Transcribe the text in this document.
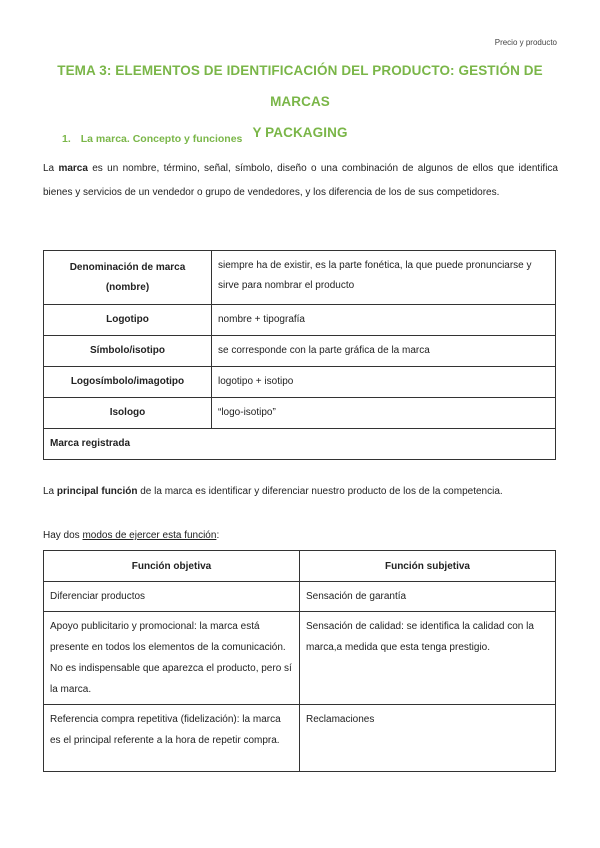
Precio y producto
TEMA 3: ELEMENTOS DE IDENTIFICACIÓN DEL PRODUCTO: GESTIÓN DE MARCAS
Y PACKAGING
1. La marca. Concepto y funciones
La marca es un nombre, término, señal, símbolo, diseño o una combinación de algunos de ellos que identifica bienes y servicios de un vendedor o grupo de vendedores, y los diferencia de los de sus competidores.
Denominación de marca (nombre)	siempre ha de existir, es la parte fonética, la que puede pronunciarse y sirve para nombrar el producto
Logotipo	nombre + tipografía
Símbolo/isotipo	se corresponde con la parte gráfica de la marca
Logosímbolo/imagotipo	logotipo + isotipo
Isologo	“logo-isotipo”
Marca registrada	
La principal función de la marca es identificar y diferenciar nuestro producto de los de la competencia.
Hay dos modos de ejercer esta función:
Función objetiva	Función subjetiva
Diferenciar productos	Sensación de garantía
Apoyo publicitario y promocional: la marca está presente en todos los elementos de la comunicación. No es indispensable que aparezca el producto, pero sí la marca.	Sensación de calidad: se identifica la calidad con la marca,a medida que esta tenga prestigio.
Referencia compra repetitiva (fidelización): la marca es el principal referente a la hora de repetir compra.	Reclamaciones
